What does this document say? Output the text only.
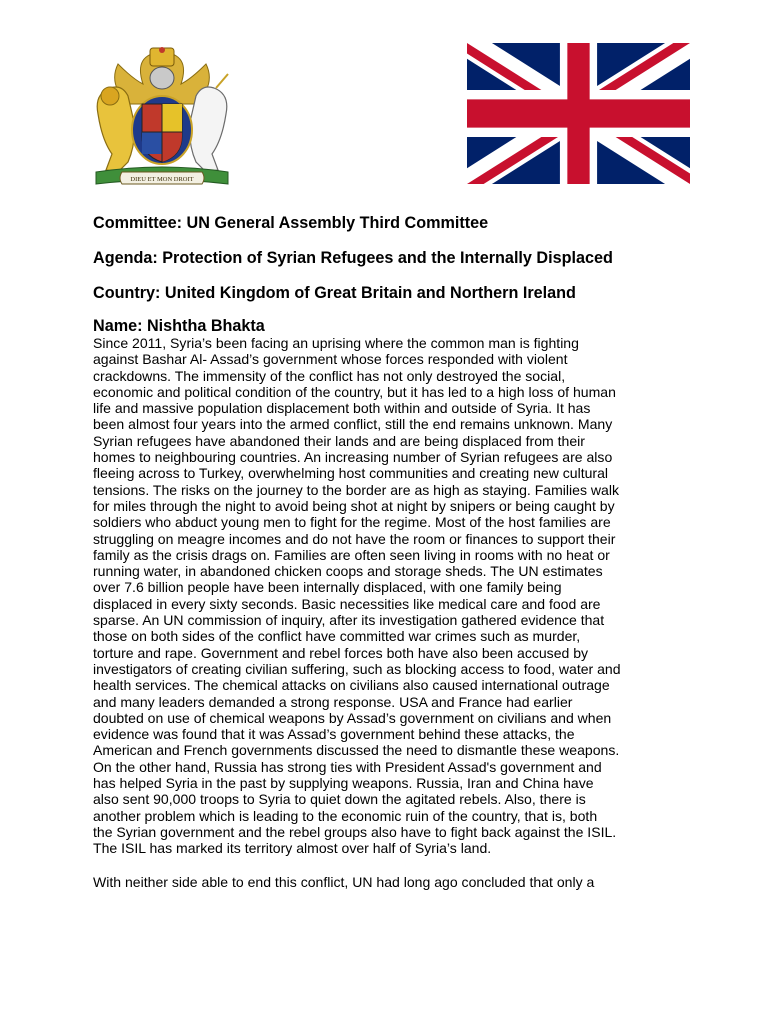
DIEU ET MON DROIT
Committee: UN General Assembly Third Committee
Agenda: Protection of Syrian Refugees and the Internally Displaced
Country: United Kingdom of Great Britain and Northern Ireland
Name: Nishtha Bhakta

Since 2011, Syria’s been facing an uprising where the common man is fighting
against Bashar Al- Assad’s government whose forces responded with violent
crackdowns. The immensity of the conflict has not only destroyed the social,
economic and political condition of the country, but it has led to a high loss of human
life and massive population displacement both within and outside of Syria. It has
been almost four years into the armed conflict, still the end remains unknown. Many
Syrian refugees have abandoned their lands and are being displaced from their
homes to neighbouring countries. An increasing number of Syrian refugees are also
fleeing across to Turkey, overwhelming host communities and creating new cultural
tensions. The risks on the journey to the border are as high as staying. Families walk
for miles through the night to avoid being shot at night by snipers or being caught by
soldiers who abduct young men to fight for the regime. Most of the host families are
struggling on meagre incomes and do not have the room or finances to support their
family as the crisis drags on. Families are often seen living in rooms with no heat or
running water, in abandoned chicken coops and storage sheds. The UN estimates
over 7.6 billion people have been internally displaced, with one family being
displaced in every sixty seconds. Basic necessities like medical care and food are
sparse. An UN commission of inquiry, after its investigation gathered evidence that
those on both sides of the conflict have committed war crimes such as murder,
torture and rape. Government and rebel forces both have also been accused by
investigators of creating civilian suffering, such as blocking access to food, water and
health services. The chemical attacks on civilians also caused international outrage
and many leaders demanded a strong response. USA and France had earlier
doubted on use of chemical weapons by Assad’s government on civilians and when
evidence was found that it was Assad’s government behind these attacks, the
American and French governments discussed the need to dismantle these weapons.
On the other hand, Russia has strong ties with President Assad's government and
has helped Syria in the past by supplying weapons. Russia, Iran and China have
also sent 90,000 troops to Syria to quiet down the agitated rebels. Also, there is
another problem which is leading to the economic ruin of the country, that is, both
the Syrian government and the rebel groups also have to fight back against the ISIL.
The ISIL has marked its territory almost over half of Syria’s land.

With neither side able to end this conflict, UN had long ago concluded that only a
